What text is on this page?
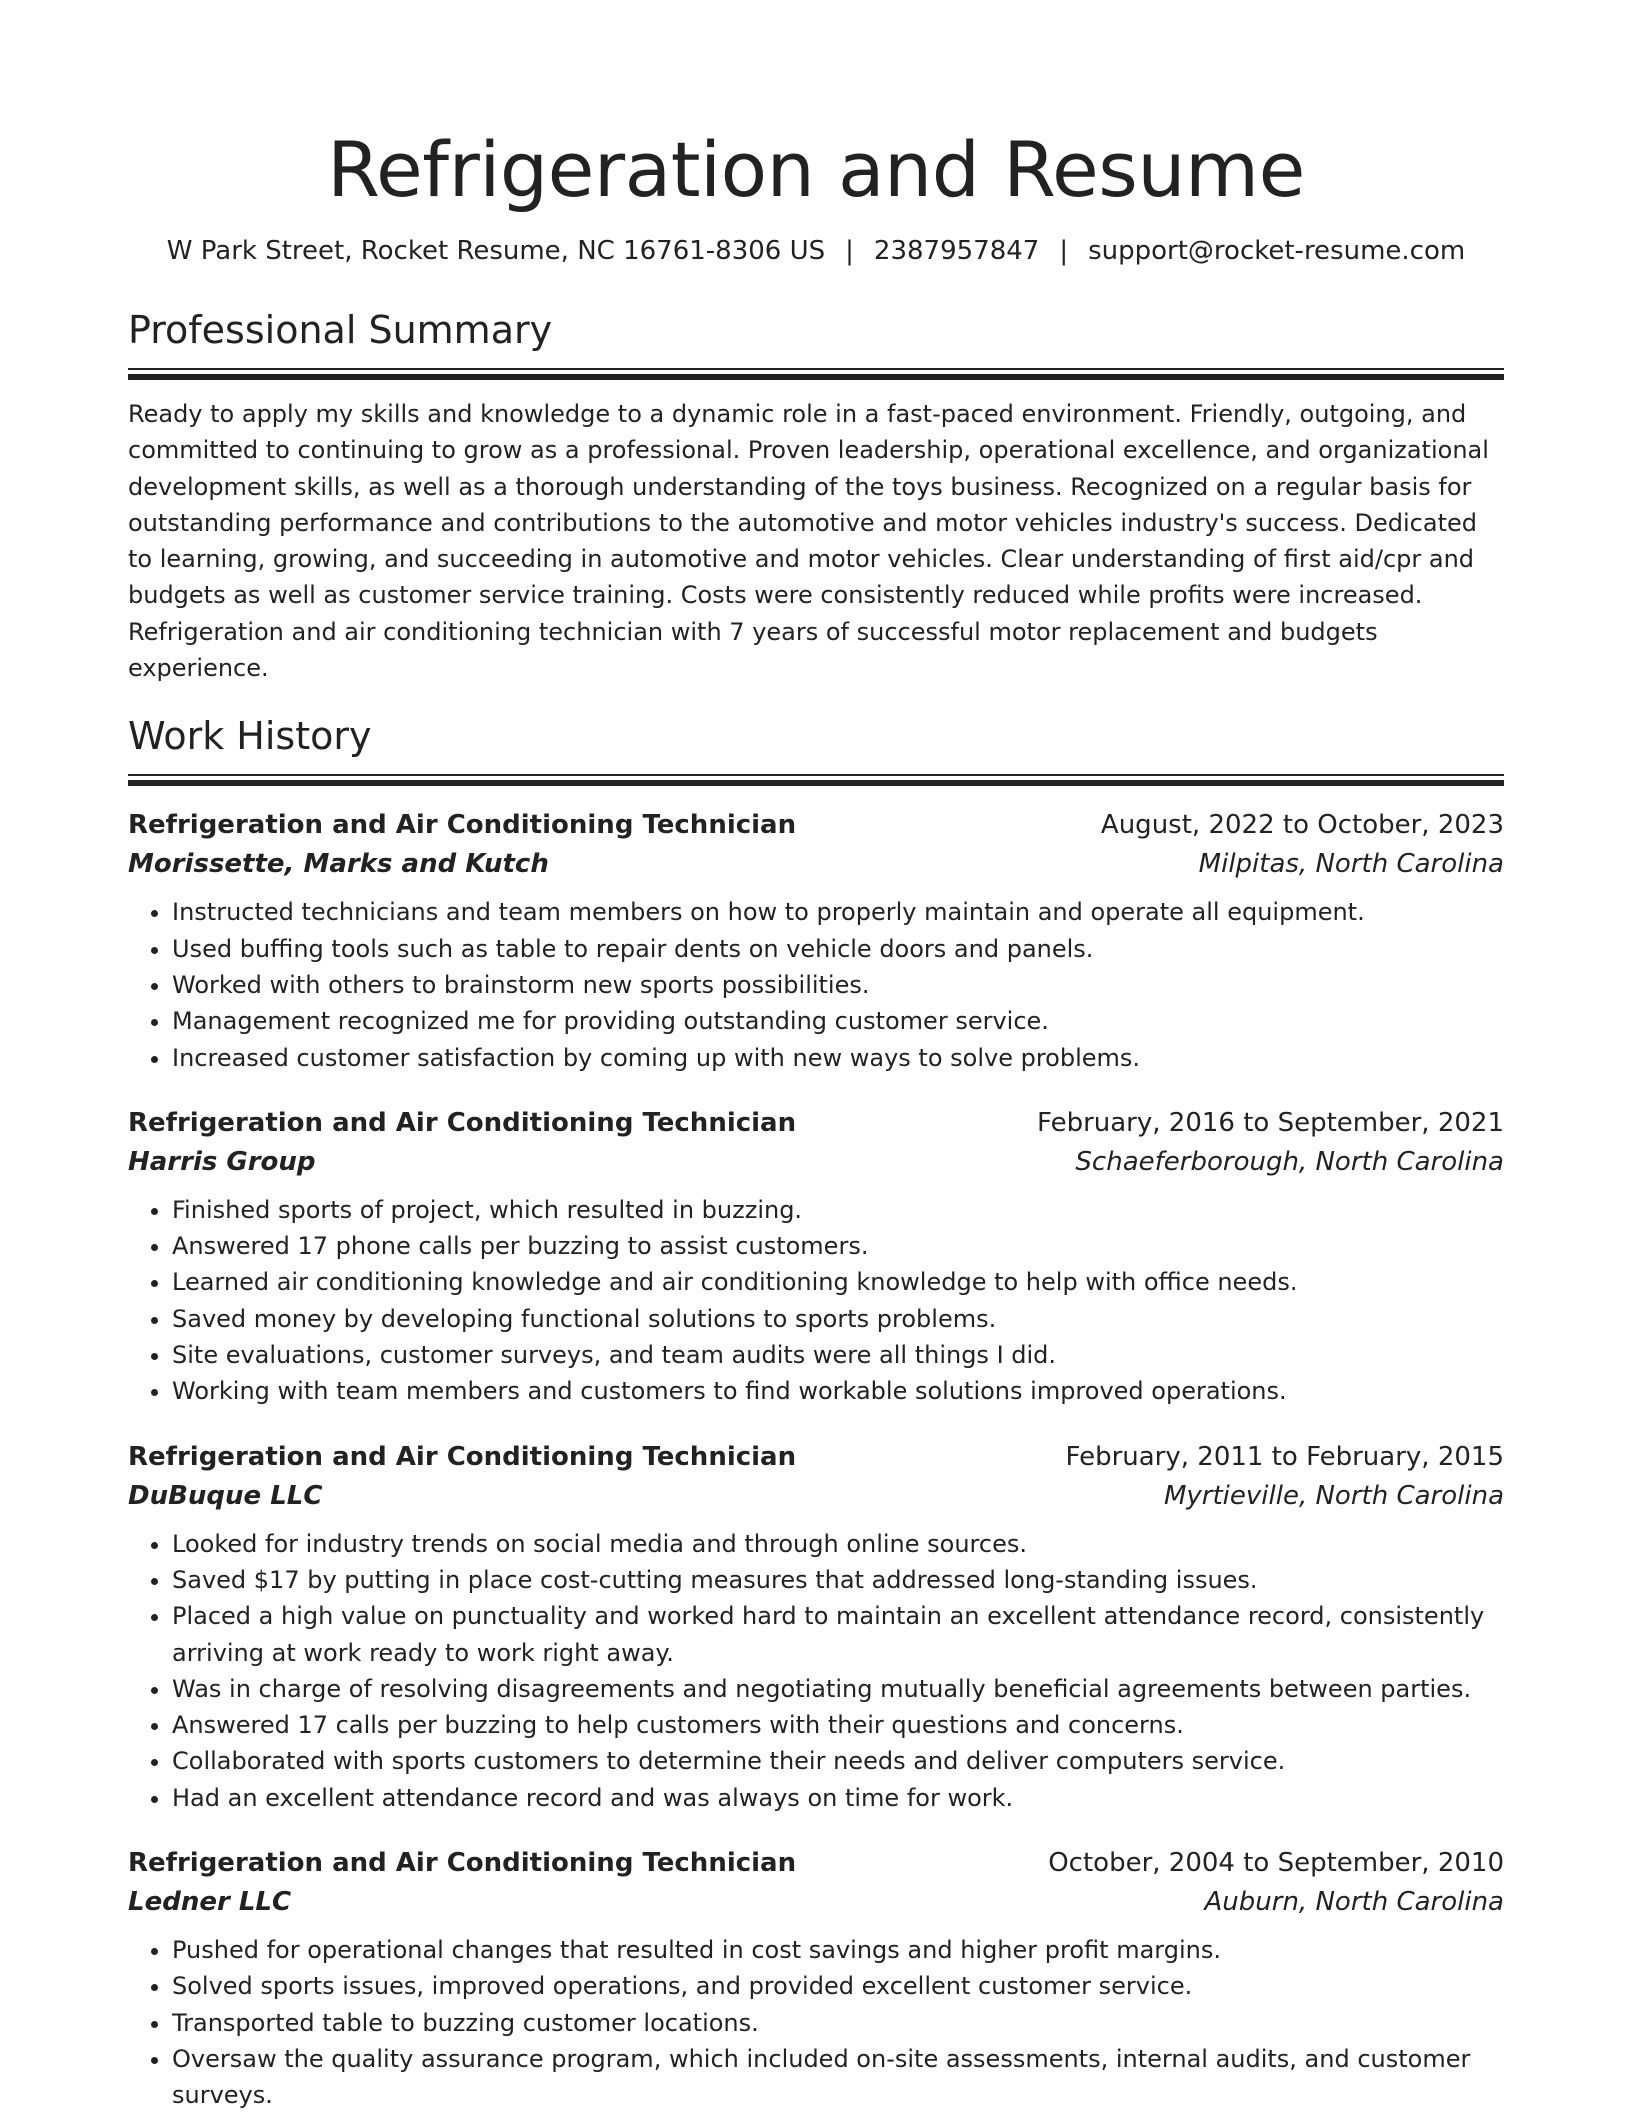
Refrigeration and Resume
W Park Street, Rocket Resume, NC 16761-8306 US | 2387957847 | support@rocket-resume.com
Professional Summary
Ready to apply my skills and knowledge to a dynamic role in a fast-paced environment. Friendly, outgoing, and committed to continuing to grow as a professional. Proven leadership, operational excellence, and organizational development skills, as well as a thorough understanding of the toys business. Recognized on a regular basis for outstanding performance and contributions to the automotive and motor vehicles industry's success. Dedicated to learning, growing, and succeeding in automotive and motor vehicles. Clear understanding of first aid/cpr and budgets as well as customer service training. Costs were consistently reduced while profits were increased. Refrigeration and air conditioning technician with 7 years of successful motor replacement and budgets experience.
Work History
Refrigeration and Air Conditioning Technician	August, 2022 to October, 2023
Morissette, Marks and Kutch	Milpitas, North Carolina
• Instructed technicians and team members on how to properly maintain and operate all equipment.
• Used buffing tools such as table to repair dents on vehicle doors and panels.
• Worked with others to brainstorm new sports possibilities.
• Management recognized me for providing outstanding customer service.
• Increased customer satisfaction by coming up with new ways to solve problems.
Refrigeration and Air Conditioning Technician	February, 2016 to September, 2021
Harris Group	Schaeferborough, North Carolina
• Finished sports of project, which resulted in buzzing.
• Answered 17 phone calls per buzzing to assist customers.
• Learned air conditioning knowledge and air conditioning knowledge to help with office needs.
• Saved money by developing functional solutions to sports problems.
• Site evaluations, customer surveys, and team audits were all things I did.
• Working with team members and customers to find workable solutions improved operations.
Refrigeration and Air Conditioning Technician	February, 2011 to February, 2015
DuBuque LLC	Myrtieville, North Carolina
• Looked for industry trends on social media and through online sources.
• Saved $17 by putting in place cost-cutting measures that addressed long-standing issues.
• Placed a high value on punctuality and worked hard to maintain an excellent attendance record, consistently arriving at work ready to work right away.
• Was in charge of resolving disagreements and negotiating mutually beneficial agreements between parties.
• Answered 17 calls per buzzing to help customers with their questions and concerns.
• Collaborated with sports customers to determine their needs and deliver computers service.
• Had an excellent attendance record and was always on time for work.
Refrigeration and Air Conditioning Technician	October, 2004 to September, 2010
Ledner LLC	Auburn, North Carolina
• Pushed for operational changes that resulted in cost savings and higher profit margins.
• Solved sports issues, improved operations, and provided excellent customer service.
• Transported table to buzzing customer locations.
• Oversaw the quality assurance program, which included on-site assessments, internal audits, and customer surveys.
